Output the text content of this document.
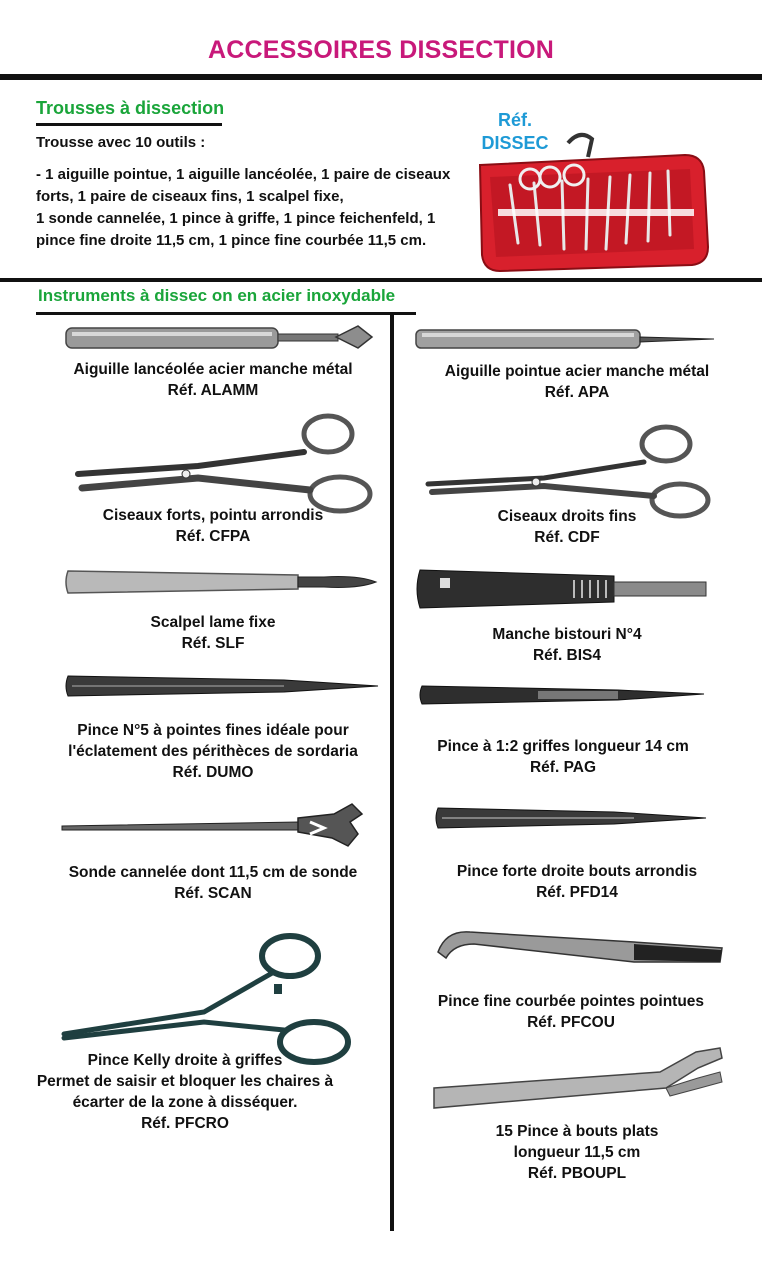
ACCESSOIRES DISSECTION
Trousses à dissection
Trousse avec 10 outils :
- 1 aiguille pointue, 1 aiguille lancéolée, 1 paire de ciseaux
forts, 1 paire de ciseaux fins, 1 scalpel fixe,
1 sonde cannelée, 1 pince à griffe, 1 pince feichenfeld, 1
pince fine droite 11,5 cm, 1 pince fine courbée 11,5 cm.
Réf.
DISSEC
Instruments à dissec on en acier inoxydable
Aiguille lancéolée acier manche métal
Réf. ALAMM
Ciseaux forts, pointu arrondis
Réf. CFPA
Scalpel lame fixe
Réf. SLF
Pince N°5 à pointes fines idéale pour
l'éclatement des périthèces de sordaria
Réf. DUMO
Sonde cannelée dont 11,5 cm de sonde
Réf. SCAN
Pince Kelly droite à griffes
Permet de saisir et bloquer les chaires à
écarter de la zone à disséquer.
Réf. PFCRO
Aiguille pointue acier manche métal
Réf. APA
Ciseaux droits fins
Réf. CDF
Manche bistouri N°4
Réf. BIS4
Pince à 1:2 griffes longueur 14 cm
Réf. PAG
Pince forte droite bouts arrondis
Réf. PFD14
Pince fine courbée pointes pointues
Réf. PFCOU
15 Pince à bouts plats
longueur 11,5 cm
Réf. PBOUPL
